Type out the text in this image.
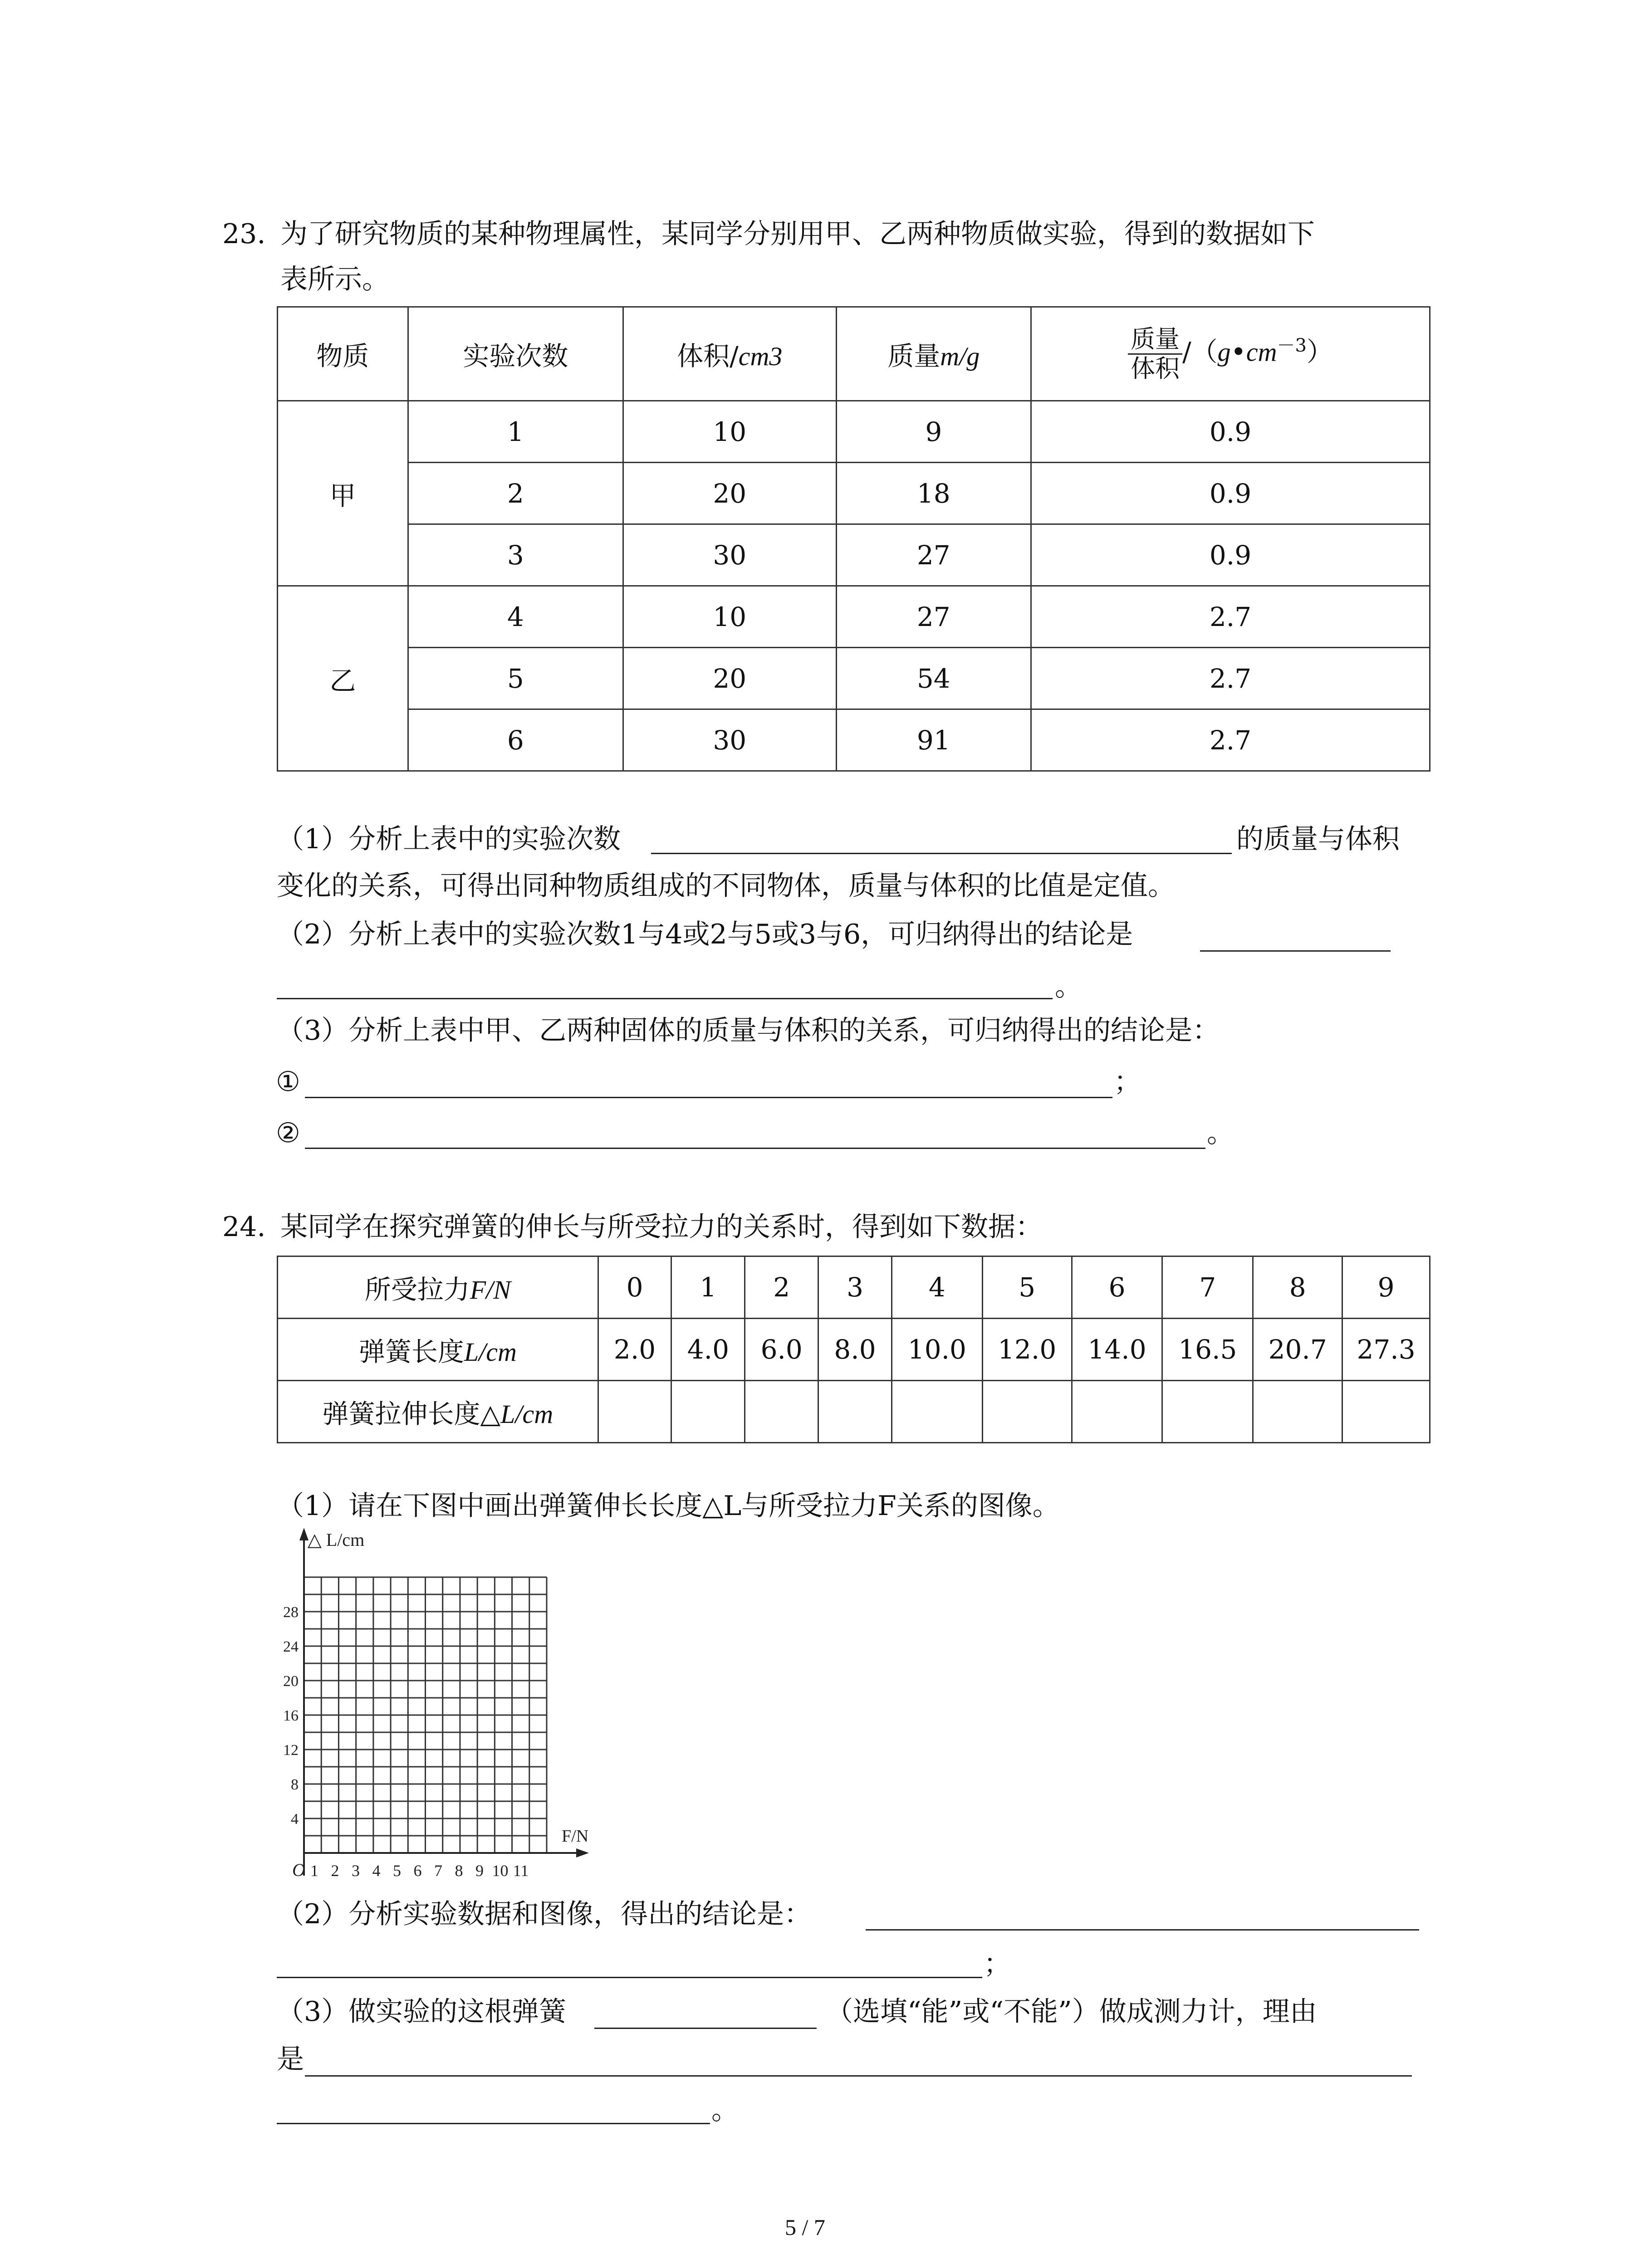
23. 为了研究物质的某种物理属性，某同学分别用甲、乙两种物质做实验，得到的数据如下
表所示。
物质	实验次数	体积/cm3	质量m/g	$\frac{\text{质量}}{\text{体积}}$ $/(g•cm^{-3})$
甲	1	10	9	0.9
	2	20	18	0.9
	3	30	27	0.9
乙	4	10	27	2.7
	5	20	54	2.7
	6	30	91	2.7
（1）分析上表中的实验次数	的质量与体积
变化的关系，可得出同种物质组成的不同物体，质量与体积的比值是定值。
（2）分析上表中的实验次数1与4或2与5或3与6，可归纳得出的结论是
。
（3）分析上表中甲、乙两种固体的质量与体积的关系，可归纳得出的结论是：
①	；
②	。
24. 某同学在探究弹簧的伸长与所受拉力的关系时，得到如下数据：
所受拉力F/N	0	1	2	3	4	5	6	7	8	9
弹簧长度L/cm	2.0	4.0	6.0	8.0	10.0	12.0	14.0	16.5	20.7	27.3
弹簧拉伸长度△L/cm										
（1）请在下图中画出弹簧伸长长度△L与所受拉力F关系的图像。
△ L/cm
F/N
O
4
8
12
16
20
24
28
1 2 3 4 5 6 7 8 9 10 11
（2）分析实验数据和图像，得出的结论是：
；
（3）做实验的这根弹簧	（选填“能”或“不能”）做成测力计，理由
是
。
5 / 7
